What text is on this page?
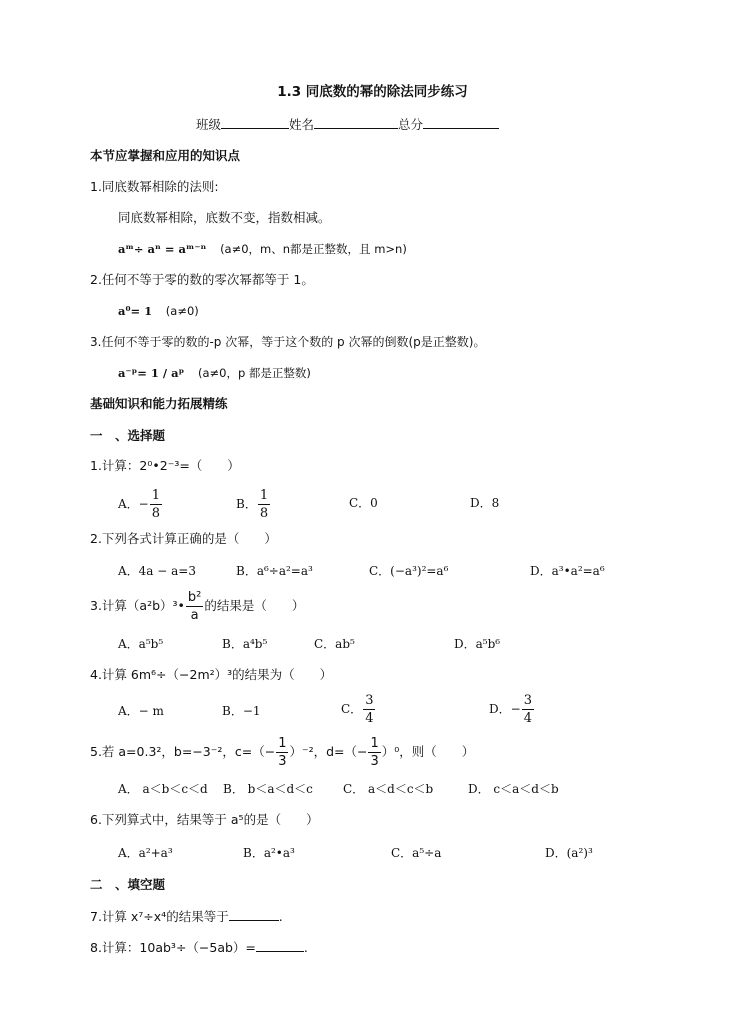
1.3 同底数的幂的除法同步练习
班级	姓名	总分
本节应掌握和应用的知识点
1.同底数幂相除的法则:
同底数幂相除，底数不变，指数相减。
aᵐ÷ aⁿ = aᵐ⁻ⁿ (a≠0，m、n都是正整数，且 m>n)
2.任何不等于零的数的零次幂都等于 1。
a⁰= 1 (a≠0)
3.任何不等于零的数的-p 次幂，等于这个数的 p 次幂的倒数(p是正整数)。
a⁻ᵖ= 1 / aᵖ (a≠0，p 都是正整数)
基础知识和能力拓展精练
一　、选择题
1.计算：2⁰•2⁻³=（　　）
A．− $\frac{1}{8}$	B． $\frac{1}{8}$	C．0	D．8
2.下列各式计算正确的是（　　）
A．4a − a=3	B．a⁶÷a²=a³	C．(−a³)²=a⁶	D．a³•a²=a⁶
3.计算（a²b）³• $\frac{\text{b²}}{a}$ 的结果是（　　）
A．a⁵b⁵	B．a⁴b⁵	C．ab⁵	D．a⁵b⁶
4.计算 6m⁶÷（−2m²）³的结果为（　　）
A．− m	B．−1	C． $\frac{3}{4}$	D．− $\frac{3}{4}$
5.若 a=0.3²，b=−3⁻²，$c=(- \frac{1}{3} )^{-2}$，$d=(- \frac{1}{3} )^0$，则（　　）
A． a＜b＜c＜d B． b＜a＜d＜c	C． a＜d＜c＜b	D． c＜a＜d＜b
6.下列算式中，结果等于 a⁵的是（　　）
A．a²+a³	B．a²•a³	C．a⁵÷a	D．(a²)³
二　、填空题
7.计算 x⁷÷x⁴的结果等于	.
8.计算：10ab³÷（−5ab）=	.
